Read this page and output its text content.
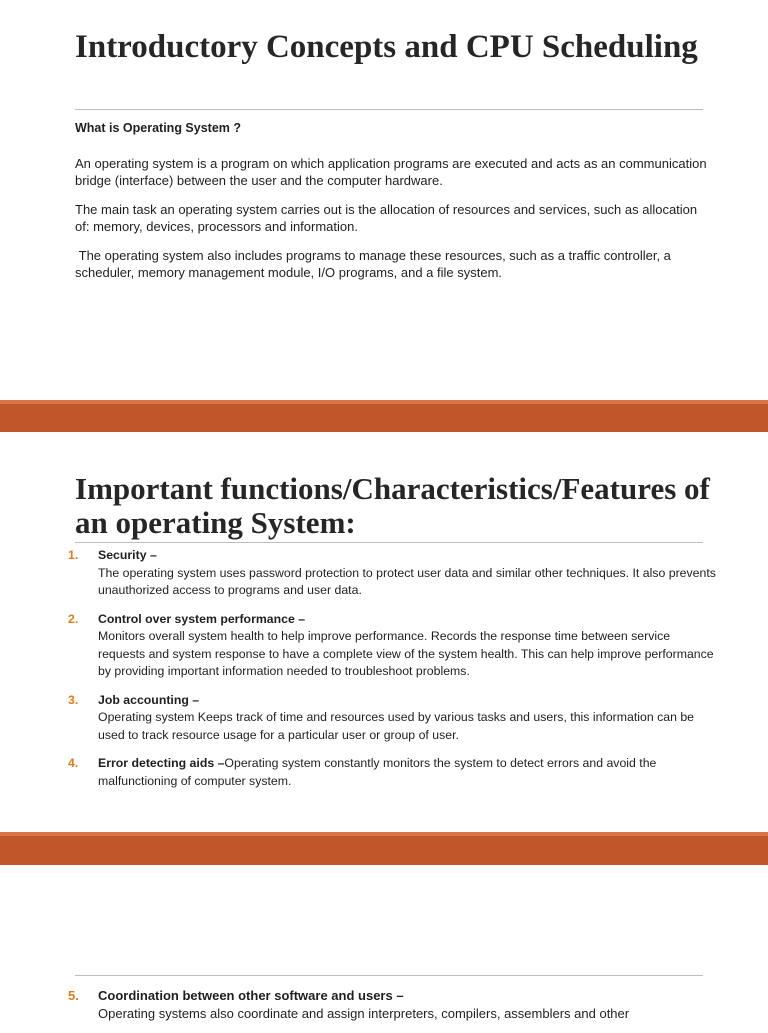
Introductory Concepts and CPU Scheduling

What is Operating System ?

An operating system is a program on which application programs are executed and acts as an communication bridge (interface) between the user and the computer hardware.

The main task an operating system carries out is the allocation of resources and services, such as allocation of: memory, devices, processors and information.

The operating system also includes programs to manage these resources, such as a traffic controller, a scheduler, memory management module, I/O programs, and a file system.

Important functions/Characteristics/Features of an operating System:
1. Security –
The operating system uses password protection to protect user data and similar other techniques. It also prevents unauthorized access to programs and user data.
2. Control over system performance –
Monitors overall system health to help improve performance. Records the response time between service requests and system response to have a complete view of the system health. This can help improve performance by providing important information needed to troubleshoot problems.
3. Job accounting –
Operating system Keeps track of time and resources used by various tasks and users, this information can be used to track resource usage for a particular user or group of user.
4. Error detecting aids –Operating system constantly monitors the system to detect errors and avoid the malfunctioning of computer system.
5. Coordination between other software and users –
Operating systems also coordinate and assign interpreters, compilers, assemblers and other
